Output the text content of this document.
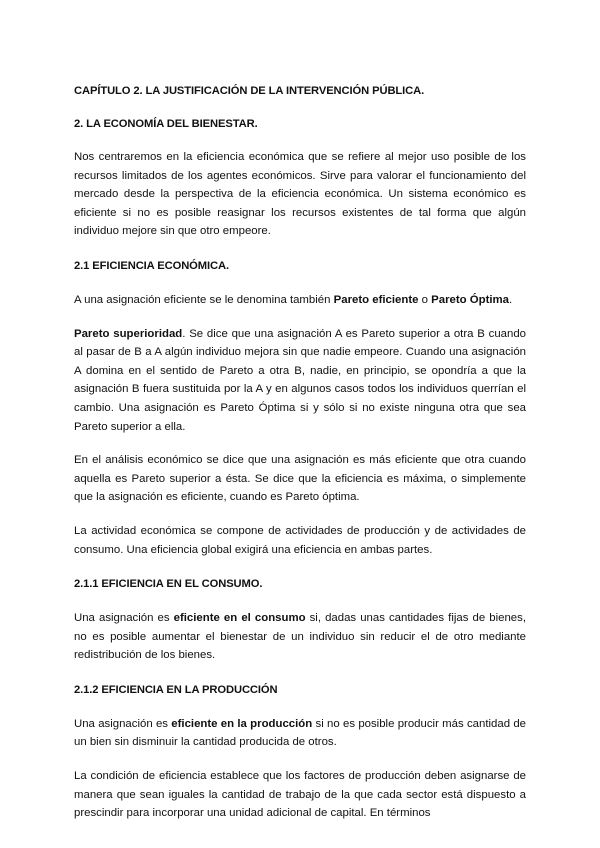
CAPÍTULO 2. LA JUSTIFICACIÓN DE LA INTERVENCIÓN PÚBLICA.

2. LA ECONOMÍA DEL BIENESTAR.

Nos centraremos en la eficiencia económica que se refiere al mejor uso posible de los recursos limitados de los agentes económicos. Sirve para valorar el funcionamiento del mercado desde la perspectiva de la eficiencia económica. Un sistema económico es eficiente si no es posible reasignar los recursos existentes de tal forma que algún individuo mejore sin que otro empeore.

2.1 EFICIENCIA ECONÓMICA.

A una asignación eficiente se le denomina también Pareto eficiente o Pareto Óptima.

Pareto superioridad. Se dice que una asignación A es Pareto superior a otra B cuando al pasar de B a A algún individuo mejora sin que nadie empeore. Cuando una asignación A domina en el sentido de Pareto a otra B, nadie, en principio, se opondría a que la asignación B fuera sustituida por la A y en algunos casos todos los individuos querrían el cambio. Una asignación es Pareto Óptima si y sólo si no existe ninguna otra que sea Pareto superior a ella.

En el análisis económico se dice que una asignación es más eficiente que otra cuando aquella es Pareto superior a ésta. Se dice que la eficiencia es máxima, o simplemente que la asignación es eficiente, cuando es Pareto óptima.

La actividad económica se compone de actividades de producción y de actividades de consumo. Una eficiencia global exigirá una eficiencia en ambas partes.

2.1.1 EFICIENCIA EN EL CONSUMO.

Una asignación es eficiente en el consumo si, dadas unas cantidades fijas de bienes, no es posible aumentar el bienestar de un individuo sin reducir el de otro mediante redistribución de los bienes.

2.1.2 EFICIENCIA EN LA PRODUCCIÓN

Una asignación es eficiente en la producción si no es posible producir más cantidad de un bien sin disminuir la cantidad producida de otros.

La condición de eficiencia establece que los factores de producción deben asignarse de manera que sean iguales la cantidad de trabajo de la que cada sector está dispuesto a prescindir para incorporar una unidad adicional de capital. En términos
